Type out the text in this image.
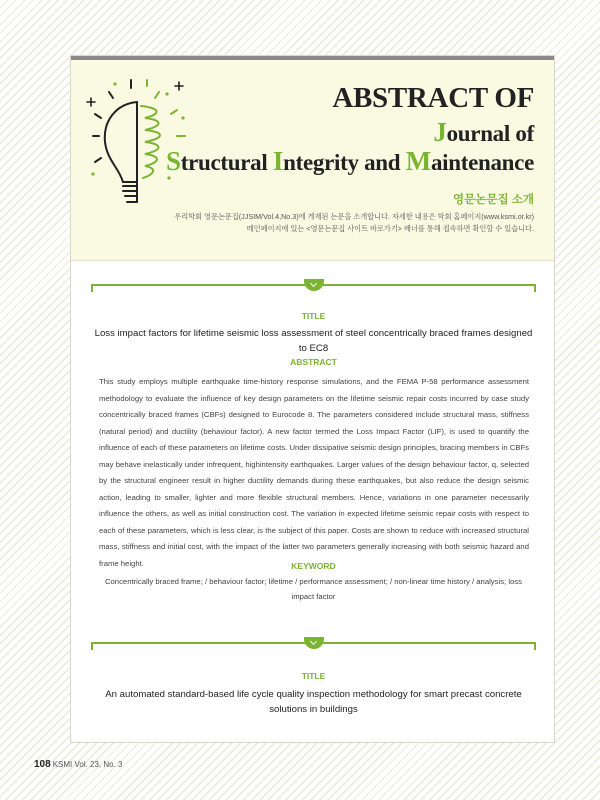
ABSTRACT OF
Journal of
Structural Integrity and Maintenance

영문논문집 소개

우리학회 영문논문집(JJSIM/Vol.4,No.3)에 게재된 논문을 소개합니다. 자세한 내용은 학회 홈페이지(www.ksmi.or.kr)
메인페이지에 있는 <영문논문집 사이트 바로가기> 배너를 통해 접속하면 확인할 수 있습니다.

TITLE

Loss impact factors for lifetime seismic loss assessment of steel concentrically braced frames designed to EC8

ABSTRACT

This study employs multiple earthquake time-history response simulations, and the FEMA P-58 performance assessment methodology to evaluate the influence of key design parameters on the lifetime seismic repair costs incurred by case study concentrically braced frames (CBFs) designed to Eurocode 8. The parameters considered include structural mass, stiffness (natural period) and ductility (behaviour factor). A new factor termed the Loss Impact Factor (LIF), is used to quantify the influence of each of these parameters on lifetime costs. Under dissipative seismic design principles, bracing members in CBFs may behave inelastically under infrequent, highintensity earthquakes. Larger values of the design behaviour factor, q, selected by the structural engineer result in higher ductility demands during these earthquakes, but also reduce the design seismic action, leading to smaller, lighter and more flexible structural members. Hence, variations in one parameter necessarily influence the others, as well as initial construction cost. The variation in expected lifetime seismic repair costs with respect to each of these parameters, which is less clear, is the subject of this paper. Costs are shown to reduce with increased structural mass, stiffness and initial cost, with the impact of the latter two parameters generally increasing with both seismic hazard and frame height.	KEYWORD

Concentrically braced frame; / behaviour factor; lifetime / performance assessment; / non-linear time history / analysis; loss impact factor

TITLE

An automated standard-based life cycle quality inspection methodology for smart precast concrete solutions in buildings

108 KSMI Vol. 23, No. 3
